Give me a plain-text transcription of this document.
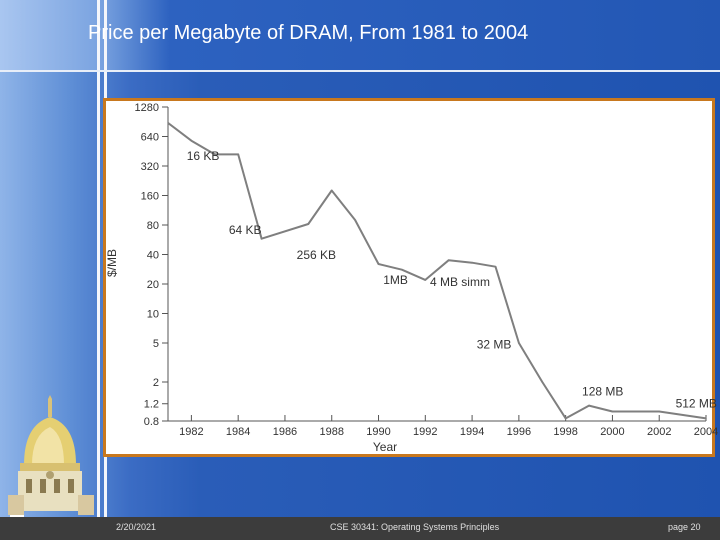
Price per Megabyte of DRAM, From 1981 to 2004
0.8
1.2
2
5
10
20
40
80
160
320
640
1280
1982 1984 1986 1988 1990 1992 1994 1996 1998 2000 2002 2004
16 KB
64 KB
256 KB
1MB 4 MB simm
32 MB
128 MB
512 MB
$/MB
Year
2/20/2021	CSE 30341: Operating Systems Principles	page 20
